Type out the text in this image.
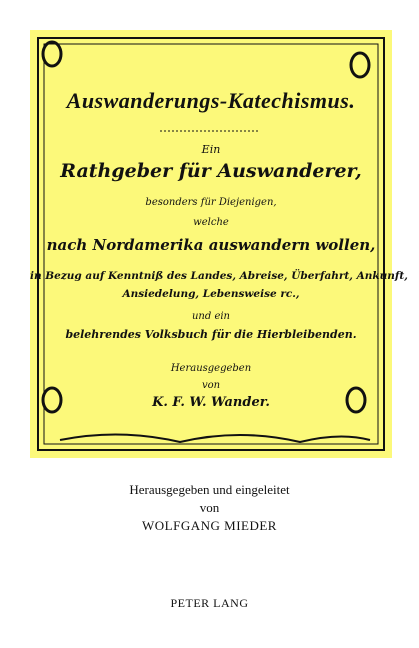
Auswanderungs-Katechismus.
Ein
Rathgeber für Auswanderer,
besonders für Diejenigen,
welche
nach Nordamerika auswandern wollen,
in Bezug auf Kenntniß des Landes, Abreise, Überfahrt, Ankunft,
Ansiedelung, Lebensweise rc.,
und ein
belehrendes Volksbuch für die Hierbleibenden.
Herausgegeben
von
K. F. W. Wander.
Herausgegeben und eingeleitet
von
WOLFGANG MIEDER
PETER LANG
